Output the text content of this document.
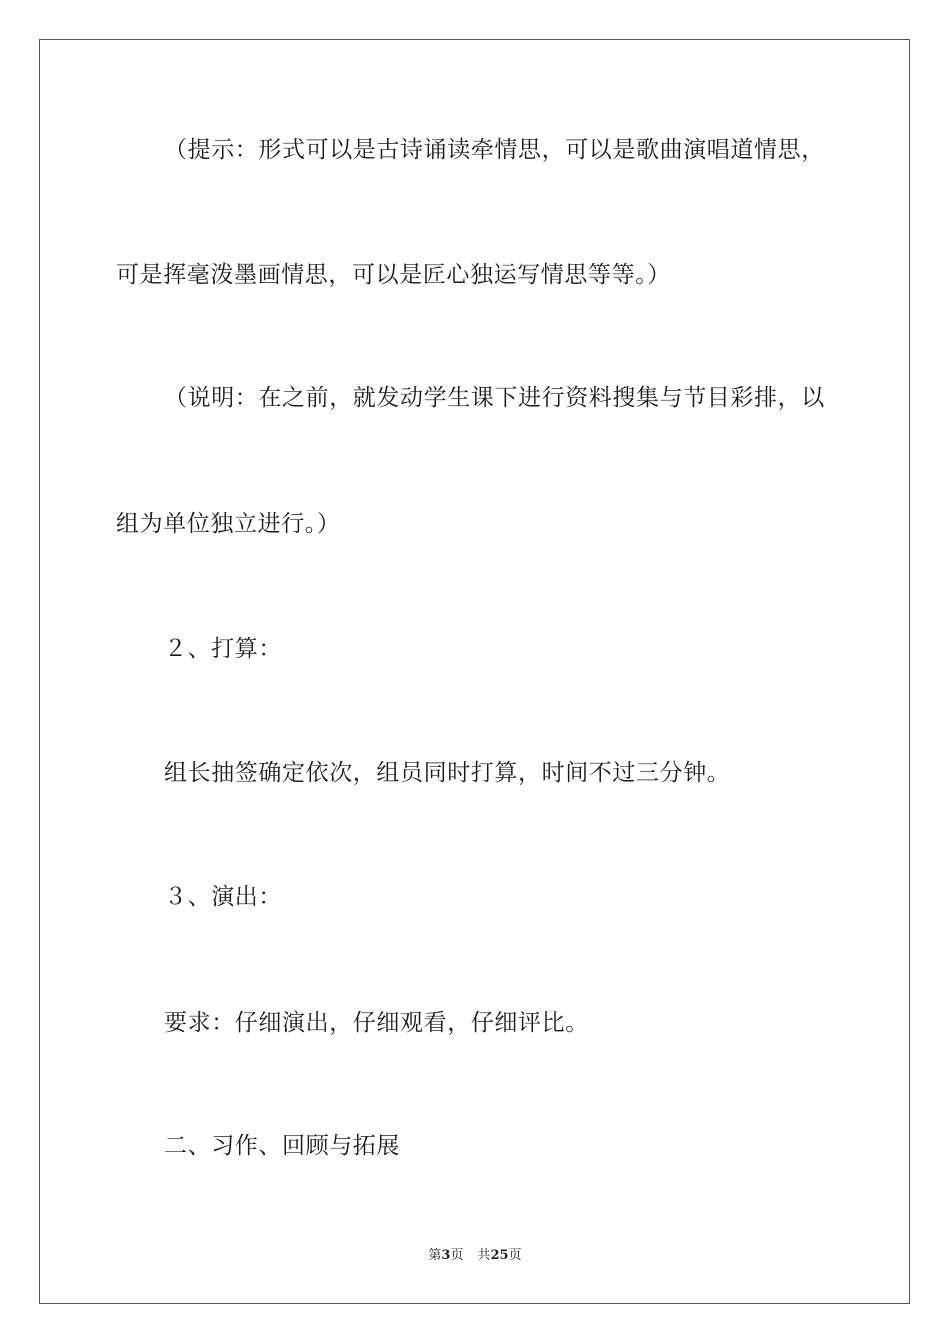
（提示：形式可以是古诗诵读牵情思，可以是歌曲演唱道情思，
可是挥毫泼墨画情思，可以是匠心独运写情思等等。）
（说明：在之前，就发动学生课下进行资料搜集与节目彩排，以
组为单位独立进行。）
２、打算：
组长抽签确定依次，组员同时打算，时间不过三分钟。
３、演出：
要求：仔细演出，仔细观看，仔细评比。
二、习作、回顾与拓展
第3页 共25页
